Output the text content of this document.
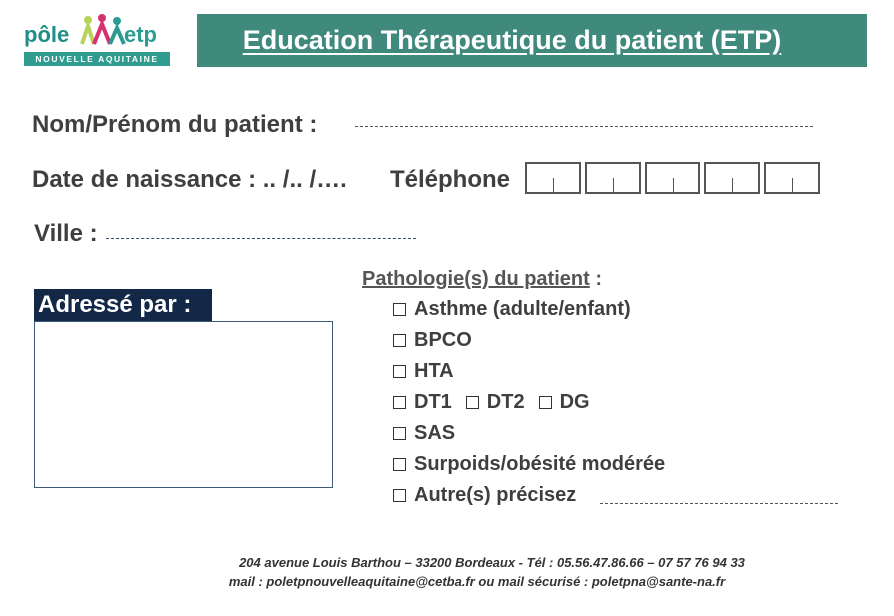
pôle etp
NOUVELLE AQUITAINE
Education Thérapeutique du patient (ETP)
Nom/Prénom du patient :
Date de naissance : .. /.. /…. Téléphone
Ville :
Adressé par :
Pathologie(s) du patient :
Asthme (adulte/enfant)
BPCO
HTA
DT1 DT2 DG
SAS
Surpoids/obésité modérée
Autre(s) précisez
204 avenue Louis Barthou – 33200 Bordeaux - Tél : 05.56.47.86.66 – 07 57 76 94 33
mail : poletpnouvelleaquitaine@cetba.fr ou mail sécurisé : poletpna@sante-na.fr
